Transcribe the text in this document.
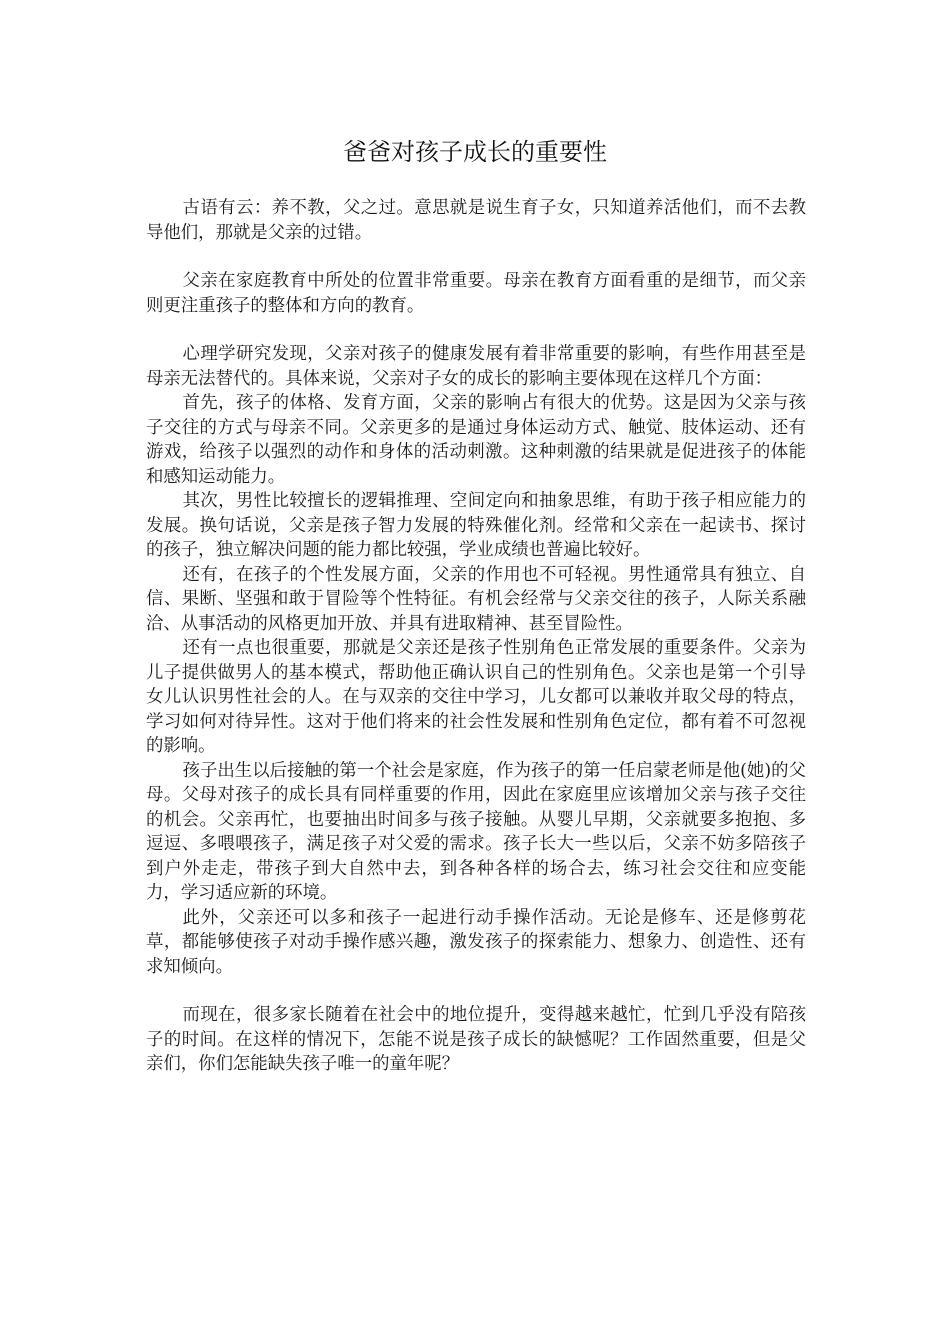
爸爸对孩子成长的重要性

古语有云：养不教，父之过。意思就是说生育子女，只知道养活他们，而不去教导他们，那就是父亲的过错。

父亲在家庭教育中所处的位置非常重要。母亲在教育方面看重的是细节，而父亲则更注重孩子的整体和方向的教育。

心理学研究发现，父亲对孩子的健康发展有着非常重要的影响，有些作用甚至是母亲无法替代的。具体来说，父亲对子女的成长的影响主要体现在这样几个方面：

首先，孩子的体格、发育方面，父亲的影响占有很大的优势。这是因为父亲与孩子交往的方式与母亲不同。父亲更多的是通过身体运动方式、触觉、肢体运动、还有游戏，给孩子以强烈的动作和身体的活动刺激。这种刺激的结果就是促进孩子的体能和感知运动能力。

其次，男性比较擅长的逻辑推理、空间定向和抽象思维，有助于孩子相应能力的发展。换句话说，父亲是孩子智力发展的特殊催化剂。经常和父亲在一起读书、探讨的孩子，独立解决问题的能力都比较强，学业成绩也普遍比较好。

还有，在孩子的个性发展方面，父亲的作用也不可轻视。男性通常具有独立、自信、果断、坚强和敢于冒险等个性特征。有机会经常与父亲交往的孩子，人际关系融洽、从事活动的风格更加开放、并具有进取精神、甚至冒险性。

还有一点也很重要，那就是父亲还是孩子性别角色正常发展的重要条件。父亲为儿子提供做男人的基本模式，帮助他正确认识自己的性别角色。父亲也是第一个引导女儿认识男性社会的人。在与双亲的交往中学习，儿女都可以兼收并取父母的特点，学习如何对待异性。这对于他们将来的社会性发展和性别角色定位，都有着不可忽视的影响。

孩子出生以后接触的第一个社会是家庭，作为孩子的第一任启蒙老师是他(她)的父母。父母对孩子的成长具有同样重要的作用，因此在家庭里应该增加父亲与孩子交往的机会。父亲再忙，也要抽出时间多与孩子接触。从婴儿早期，父亲就要多抱抱、多逗逗、多喂喂孩子，满足孩子对父爱的需求。孩子长大一些以后，父亲不妨多陪孩子到户外走走，带孩子到大自然中去，到各种各样的场合去，练习社会交往和应变能力，学习适应新的环境。

此外，父亲还可以多和孩子一起进行动手操作活动。无论是修车、还是修剪花草，都能够使孩子对动手操作感兴趣，激发孩子的探索能力、想象力、创造性、还有求知倾向。

而现在，很多家长随着在社会中的地位提升，变得越来越忙，忙到几乎没有陪孩子的时间。在这样的情况下，怎能不说是孩子成长的缺憾呢？工作固然重要，但是父亲们，你们怎能缺失孩子唯一的童年呢？
